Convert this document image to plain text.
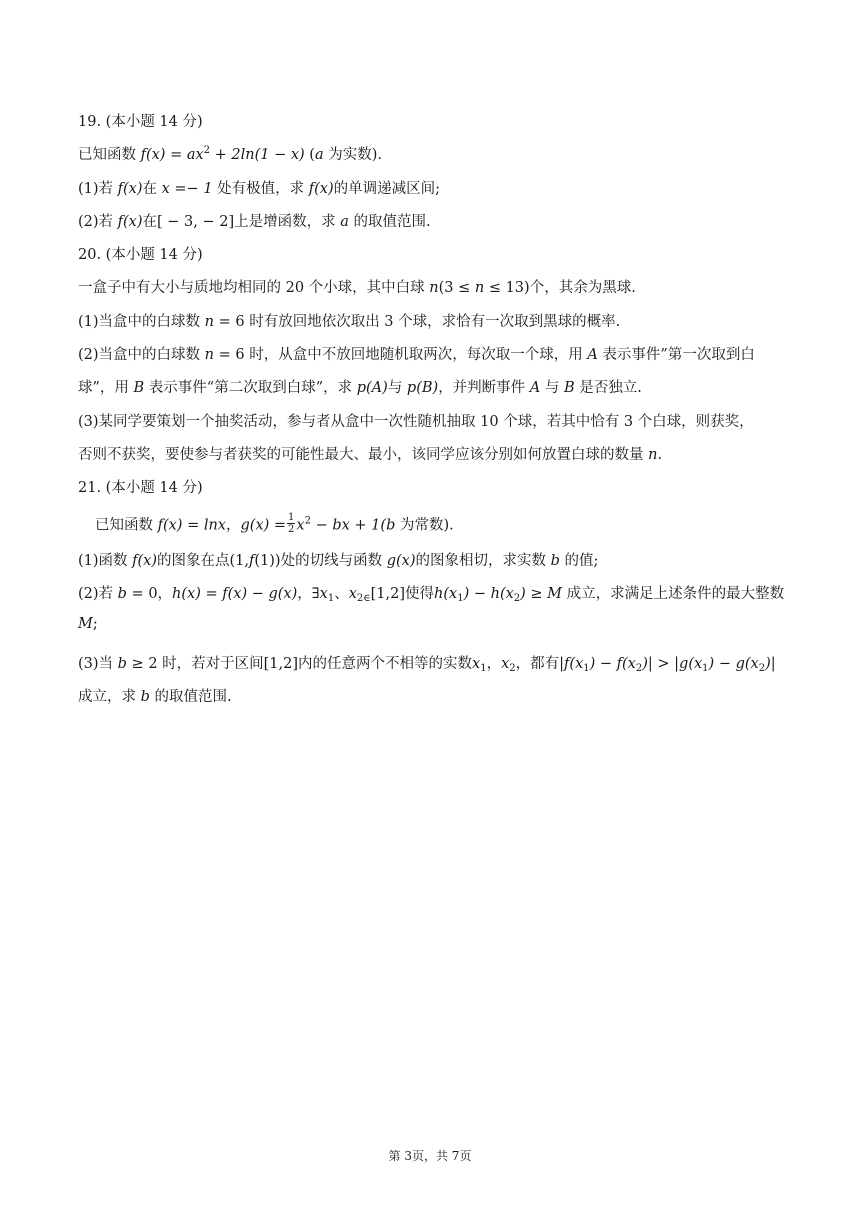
19. (本小题 14 分)

已知函数 $f(x) = ax^2 + 2\ln(1 - x)$ (a 为实数).

(1)若 f(x)在 x =− 1 处有极值，求 f(x)的单调递减区间;

(2)若 f(x)在[ − 3, − 2]上是增函数，求 a 的取值范围.

20. (本小题 14 分)

一盒子中有大小与质地均相同的 20 个小球，其中白球 n(3 ≤ n ≤ 13)个，其余为黑球.

(1)当盒中的白球数 n = 6 时有放回地依次取出 3 个球，求恰有一次取到黑球的概率.

(2)当盒中的白球数 n = 6 时，从盒中不放回地随机取两次，每次取一个球，用 A 表示事件”第一次取到白

球”，用 B 表示事件“第二次取到白球”，求 p(A)与 p(B)，并判断事件 A 与 B 是否独立.

(3)某同学要策划一个抽奖活动，参与者从盒中一次性随机抽取 10 个球，若其中恰有 3 个白球，则获奖，

否则不获奖，要使参与者获奖的可能性最大、最小，该同学应该分别如何放置白球的数量 n.

21. (本小题 14 分)

已知函数 f(x) = lnx，$g(x) = \frac{1}{2} x^2$ − bx + 1(b 为常数).

(1)函数 f(x)的图象在点(1,f(1))处的切线与函数 g(x)的图象相切，求实数 b 的值;

(2)若 b = 0，h(x) = f(x) − g(x)，$\exists x_1$、$x_{2\in}[1,2]$使得$h(x_1) - h(x_2) \ge M$ 成立，求满足上述条件的最大整数

M;

(3)当 b ≥ 2 时，若对于区间[1,2]内的任意两个不相等的实数$x_1$，$x_2$，都有$|f(x_1) - f(x_2)| > |g(x_1) - g(x_2)|$

成立，求 b 的取值范围.

第 3页，共 7页
